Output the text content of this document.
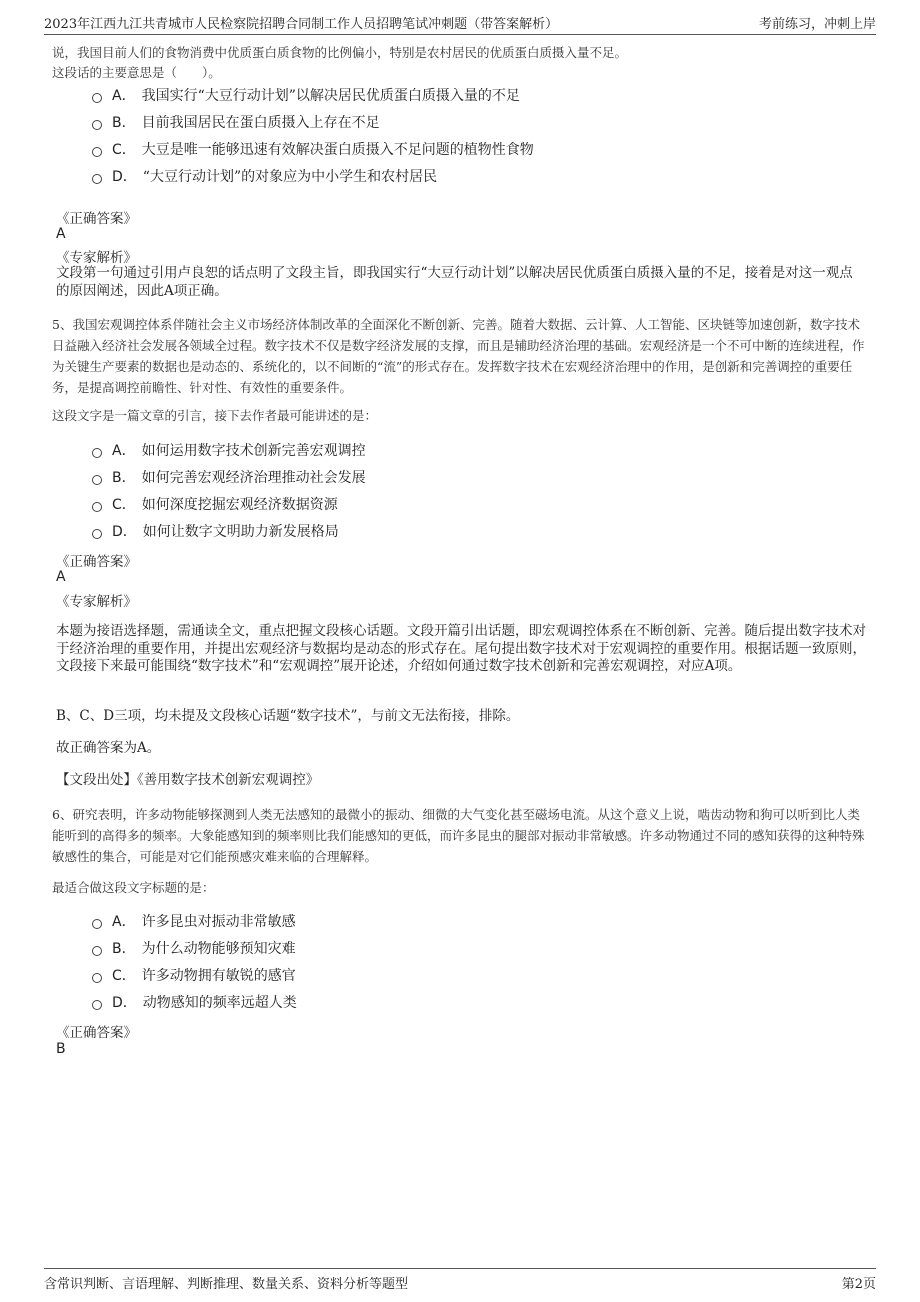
2023年江西九江共青城市人民检察院招聘合同制工作人员招聘笔试冲刺题（带答案解析）	考前练习，冲刺上岸
说，我国目前人们的食物消费中优质蛋白质食物的比例偏小，特别是农村居民的优质蛋白质摄入量不足。
这段话的主要意思是（　　）。
A． 我国实行“大豆行动计划”以解决居民优质蛋白质摄入量的不足
B． 目前我国居民在蛋白质摄入上存在不足
C． 大豆是唯一能够迅速有效解决蛋白质摄入不足问题的植物性食物
D． “大豆行动计划”的对象应为中小学生和农村居民
《正确答案》
A
《专家解析》
文段第一句通过引用卢良恕的话点明了文段主旨，即我国实行“大豆行动计划”以解决居民优质蛋白质摄入量的不足，接着是对这一观点的原因阐述，因此A项正确。
5、我国宏观调控体系伴随社会主义市场经济体制改革的全面深化不断创新、完善。随着大数据、云计算、人工智能、区块链等加速创新，数字技术日益融入经济社会发展各领域全过程。数字技术不仅是数字经济发展的支撑，而且是辅助经济治理的基础。宏观经济是一个不可中断的连续进程，作为关键生产要素的数据也是动态的、系统化的，以不间断的“流”的形式存在。发挥数字技术在宏观经济治理中的作用，是创新和完善调控的重要任务，是提高调控前瞻性、针对性、有效性的重要条件。
这段文字是一篇文章的引言，接下去作者最可能讲述的是：
A． 如何运用数字技术创新完善宏观调控
B． 如何完善宏观经济治理推动社会发展
C． 如何深度挖掘宏观经济数据资源
D． 如何让数字文明助力新发展格局
《正确答案》
A
《专家解析》
本题为接语选择题，需通读全文，重点把握文段核心话题。文段开篇引出话题，即宏观调控体系在不断创新、完善。随后提出数字技术对于经济治理的重要作用，并提出宏观经济与数据均是动态的形式存在。尾句提出数字技术对于宏观调控的重要作用。根据话题一致原则，文段接下来最可能围绕“数字技术”和“宏观调控”展开论述，介绍如何通过数字技术创新和完善宏观调控，对应A项。
B、C、D三项，均未提及文段核心话题“数字技术”，与前文无法衔接，排除。
故正确答案为A。
【文段出处】《善用数字技术创新宏观调控》
6、研究表明，许多动物能够探测到人类无法感知的最微小的振动、细微的大气变化甚至磁场电流。从这个意义上说，啮齿动物和狗可以听到比人类能听到的高得多的频率。大象能感知到的频率则比我们能感知的更低，而许多昆虫的腿部对振动非常敏感。许多动物通过不同的感知获得的这种特殊敏感性的集合，可能是对它们能预感灾难来临的合理解释。
最适合做这段文字标题的是：
A． 许多昆虫对振动非常敏感
B． 为什么动物能够预知灾难
C． 许多动物拥有敏锐的感官
D． 动物感知的频率远超人类
《正确答案》
B
含常识判断、言语理解、判断推理、数量关系、资料分析等题型	第2页
